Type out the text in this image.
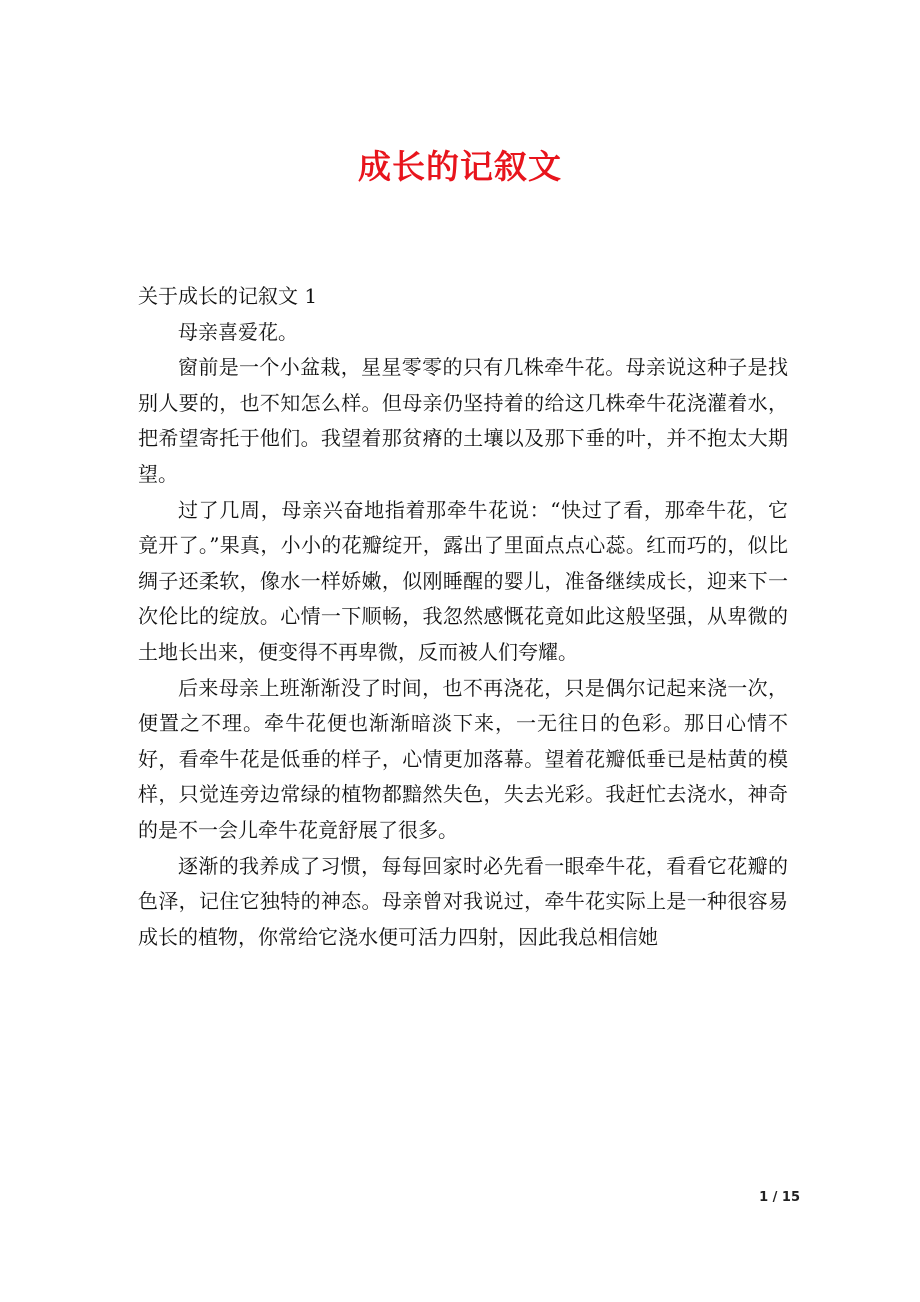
成长的记叙文

关于成长的记叙文 1

母亲喜爱花。

窗前是一个小盆栽，星星零零的只有几株牵牛花。母亲说这种子是找别人要的，也不知怎么样。但母亲仍坚持着的给这几株牵牛花浇灌着水，把希望寄托于他们。我望着那贫瘠的土壤以及那下垂的叶，并不抱太大期望。

过了几周，母亲兴奋地指着那牵牛花说：“快过了看，那牵牛花，它竟开了。”果真，小小的花瓣绽开，露出了里面点点心蕊。红而巧的，似比绸子还柔软，像水一样娇嫩，似刚睡醒的婴儿，准备继续成长，迎来下一次伦比的绽放。心情一下顺畅，我忽然感慨花竟如此这般坚强，从卑微的土地长出来，便变得不再卑微，反而被人们夸耀。

后来母亲上班渐渐没了时间，也不再浇花，只是偶尔记起来浇一次，便置之不理。牵牛花便也渐渐暗淡下来，一无往日的色彩。那日心情不好，看牵牛花是低垂的样子，心情更加落幕。望着花瓣低垂已是枯黄的模样，只觉连旁边常绿的植物都黯然失色，失去光彩。我赶忙去浇水，神奇的是不一会儿牵牛花竟舒展了很多。

逐渐的我养成了习惯，每每回家时必先看一眼牵牛花，看看它花瓣的色泽，记住它独特的神态。母亲曾对我说过，牵牛花实际上是一种很容易成长的植物，你常给它浇水便可活力四射，因此我总相信她

1 / 15
